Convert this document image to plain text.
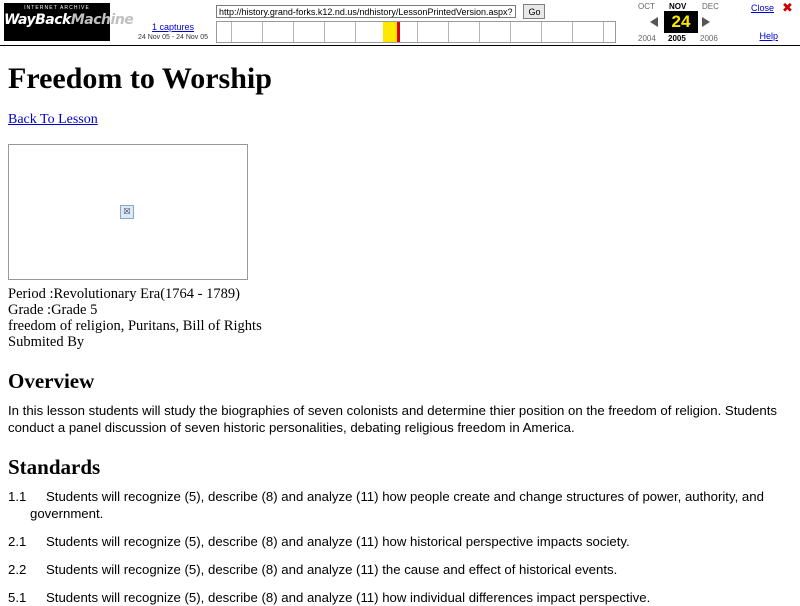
INTERNET ARCHIVE
WayBackMachine	1 captures
24 Nov 05 - 24 Nov 05
http://history.grand-forks.k12.nd.us/ndhistory/LessonPrintedVersion.aspx?LessonI Go
OCT NOV DEC
24
2004 2005 2006
Close ✖
Help
Freedom to Worship
Back To Lesson
☒

Period :Revolutionary Era(1764 - 1789)

Grade :Grade 5

freedom of religion, Puritans, Bill of Rights

Submited By

Overview

In this lesson students will study the biographies of seven colonists and determine thier position on the freedom of religion. Students conduct a panel discussion of seven historic personalities, debating religious freedom in America.

Standards

1.1 Students will recognize (5), describe (8) and analyze (11) how people create and change structures of power, authority, and government.

2.1 Students will recognize (5), describe (8) and analyze (11) how historical perspective impacts society.

2.2 Students will recognize (5), describe (8) and analyze (11) the cause and effect of historical events.

5.1 Students will recognize (5), describe (8) and analyze (11) how individual differences impact perspective.
